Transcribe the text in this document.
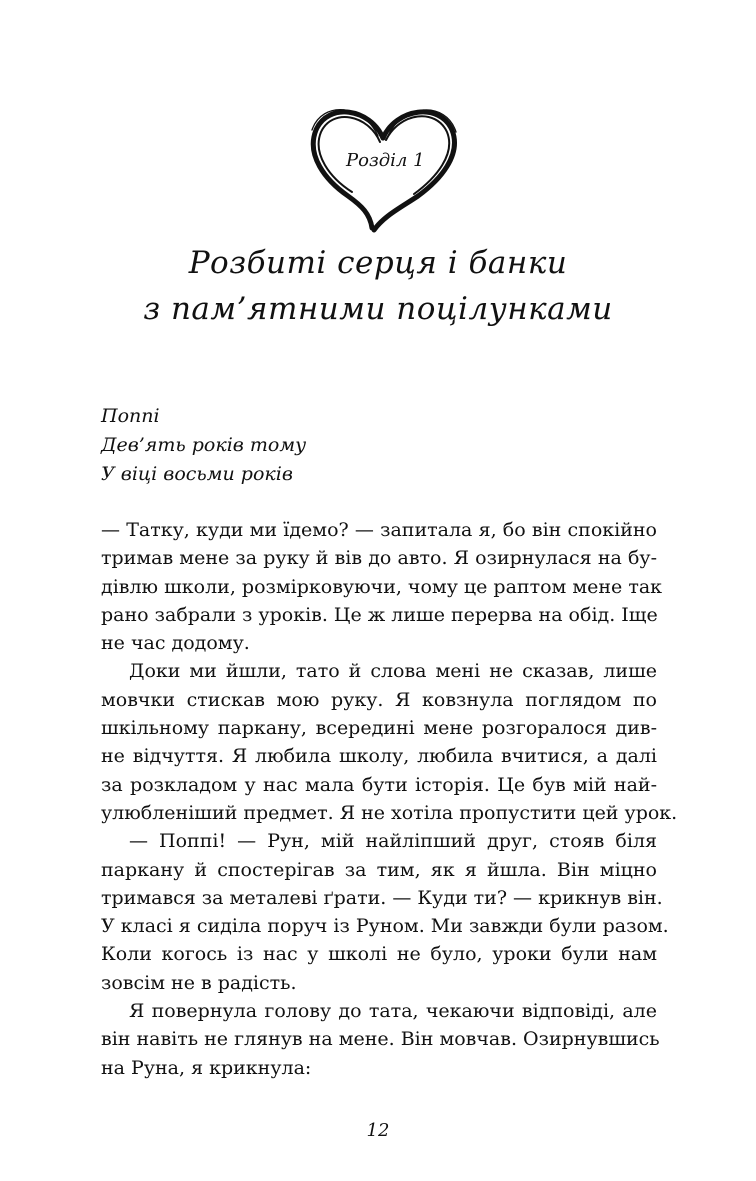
Розділ 1
Розбиті серця і банки
з пам’ятними поцілунками
Поппі
Дев’ять років тому
У віці восьми років
— Татку, куди ми їдемо? — запитала я, бо він спокійно
тримав мене за руку й вів до авто. Я озирнулася на бу-
дівлю школи, розмірковуючи, чому це раптом мене так
рано забрали з уроків. Це ж лише перерва на обід. Іще
не час додому.
Доки ми йшли, тато й слова мені не сказав, лише
мовчки стискав мою руку. Я ковзнула поглядом по
шкільному паркану, всередині мене розгоралося див-
не відчуття. Я любила школу, любила вчитися, а далі
за розкладом у нас мала бути історія. Це був мій най-
улюбленіший предмет. Я не хотіла пропустити цей урок.
— Поппі! — Рун, мій найліпший друг, стояв біля
паркану й спостерігав за тим, як я йшла. Він міцно
тримався за металеві ґрати. — Куди ти? — крикнув він.
У класі я сиділа поруч із Руном. Ми завжди були разом.
Коли когось із нас у школі не було, уроки були нам
зовсім не в радість.
Я повернула голову до тата, чекаючи відповіді, але
він навіть не глянув на мене. Він мовчав. Озирнувшись
на Руна, я крикнула:
12
